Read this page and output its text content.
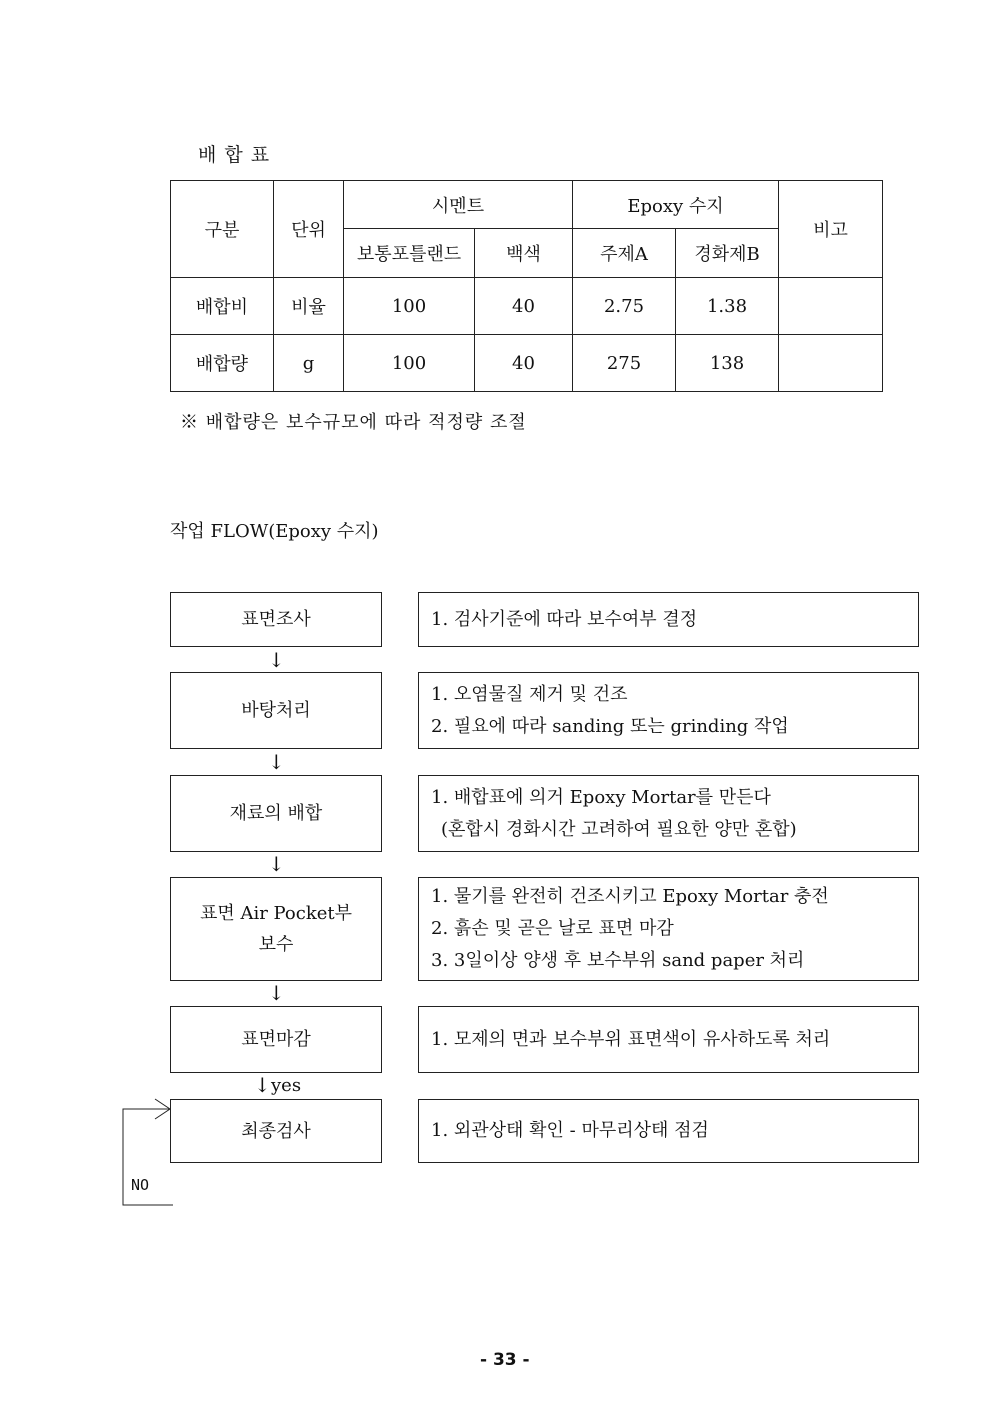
배 합 표
구분	단위	시멘트		Epoxy 수지		비고
		보통포틀랜드	백색	주제A	경화제B	
배합비	비율	100	40	2.75	1.38	
배합량	g	100	40	275	138	
※ 배합량은 보수규모에 따라 적정량 조절
작업 FLOW(Epoxy 수지)
표면조사	1. 검사기준에 따라 보수여부 결정
↓
바탕처리
1. 오염물질 제거 및 건조
2. 필요에 따라 sanding 또는 grinding 작업
↓
재료의 배합
1. 배합표에 의거 Epoxy Mortar를 만든다
(혼합시 경화시간 고려하여 필요한 양만 혼합)
↓
표면 Air Pocket부
보수
1. 물기를 완전히 건조시키고 Epoxy Mortar 충전
2. 흙손 및 곧은 날로 표면 마감
3. 3일이상 양생 후 보수부위 sand paper 처리
↓
표면마감	1. 모제의 면과 보수부위 표면색이 유사하도록 처리
↓ yes
최종검사	1. 외관상태 확인 - 마무리상태 점검
NO
- 33 -
